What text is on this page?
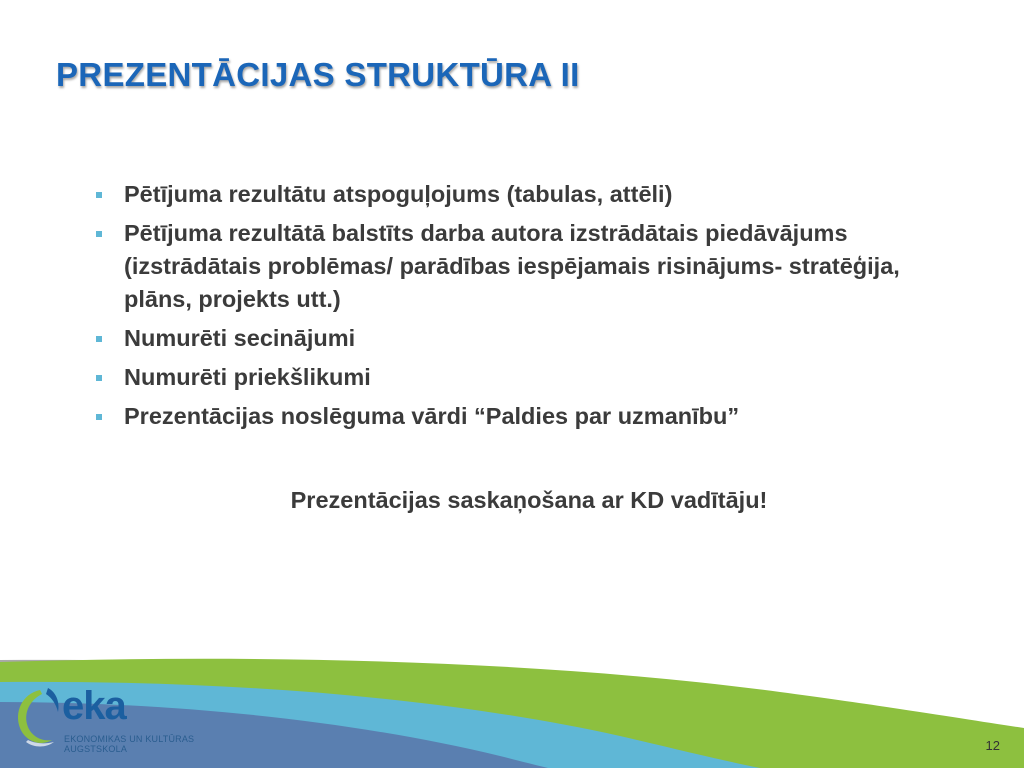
PREZENTĀCIJAS STRUKTŪRA II
Pētījuma rezultātu atspoguļojums (tabulas, attēli)
Pētījuma rezultātā balstīts darba autora izstrādātais piedāvājums (izstrādātais problēmas/ parādības iespējamais risinājums- stratēģija, plāns, projekts utt.)
Numurēti secinājumi
Numurēti priekšlikumi
Prezentācijas noslēguma vārdi “Paldies par uzmanību”
Prezentācijas saskaņošana ar KD vadītāju!
eka
EKONOMIKAS UN KULTŪRAS
AUGSTSKOLA	12
